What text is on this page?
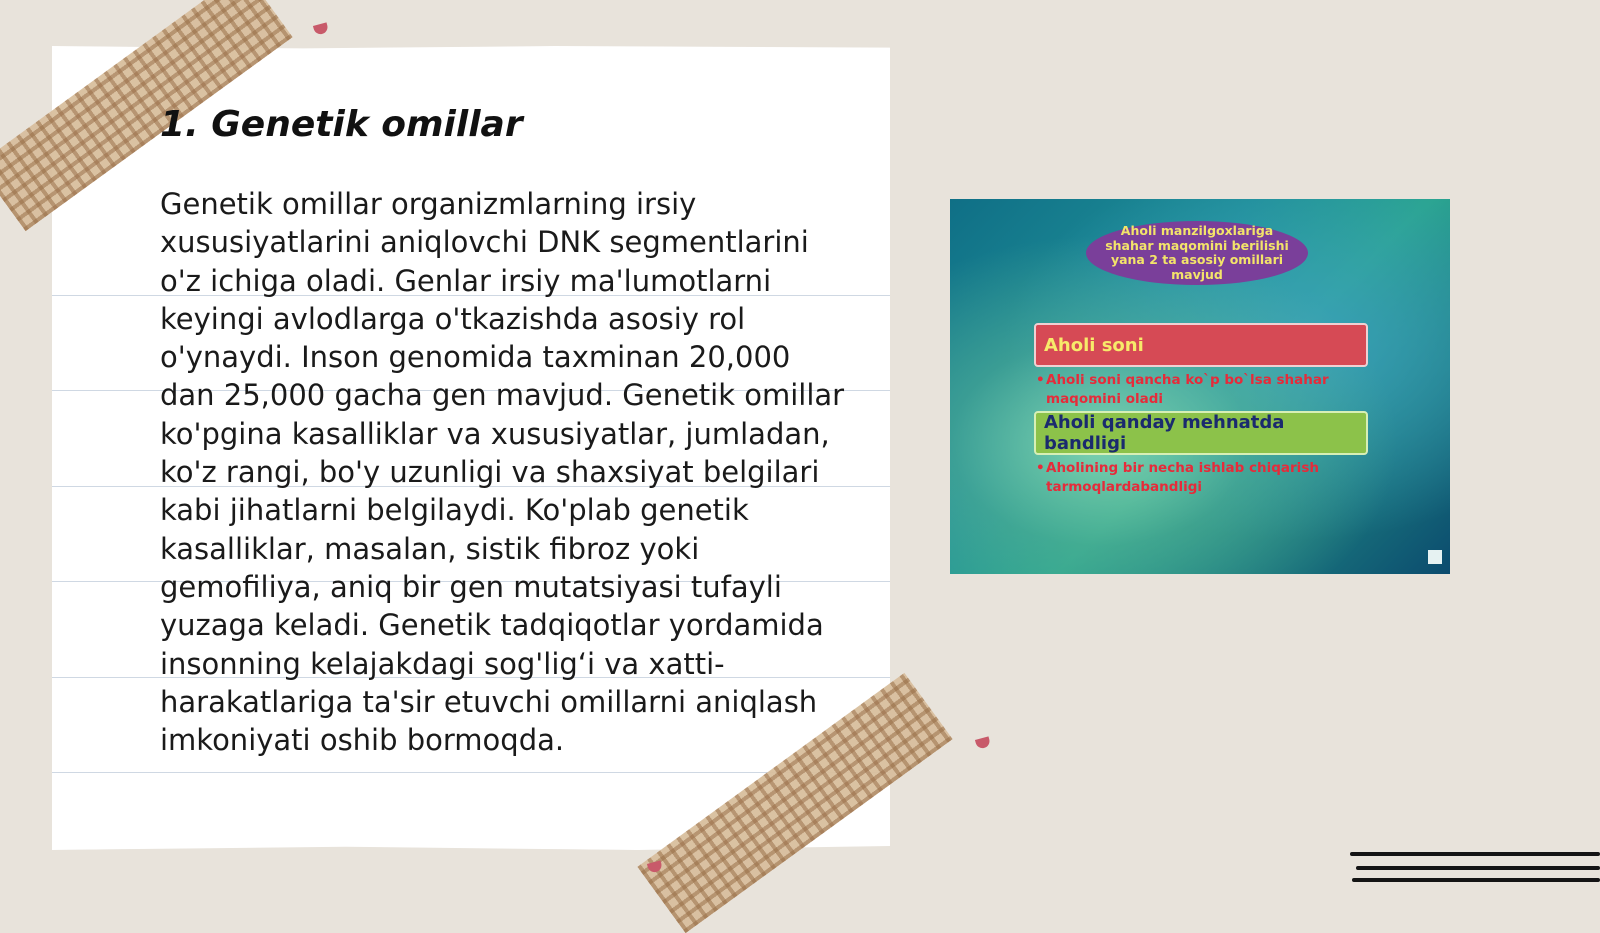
1. Genetik omillar

Genetik omillar organizmlarning irsiy xususiyatlarini aniqlovchi DNK segmentlarini o'z ichiga oladi. Genlar irsiy ma'lumotlarni keyingi avlodlarga o'tkazishda asosiy rol o'ynaydi. Inson genomida taxminan 20,000 dan 25,000 gacha gen mavjud. Genetik omillar ko'pgina kasalliklar va xususiyatlar, jumladan, ko'z rangi, bo'y uzunligi va shaxsiyat belgilari kabi jihatlarni belgilaydi. Ko'plab genetik kasalliklar, masalan, sistik fibroz yoki gemofiliya, aniq bir gen mutatsiyasi tufayli yuzaga keladi. Genetik tadqiqotlar yordamida insonning kelajakdagi sog'lig‘i va xatti-harakatlariga ta'sir etuvchi omillarni aniqlash imkoniyati oshib bormoqda.

Aholi manzilgoxlariga shahar maqomini berilishi yana 2 ta asosiy omillari mavjud
Aholi soni
• Aholi soni qancha ko`p bo`lsa shahar maqomini oladi
Aholi qanday mehnatda bandligi
• Aholining bir necha ishlab chiqarish tarmoqlardabandligi
